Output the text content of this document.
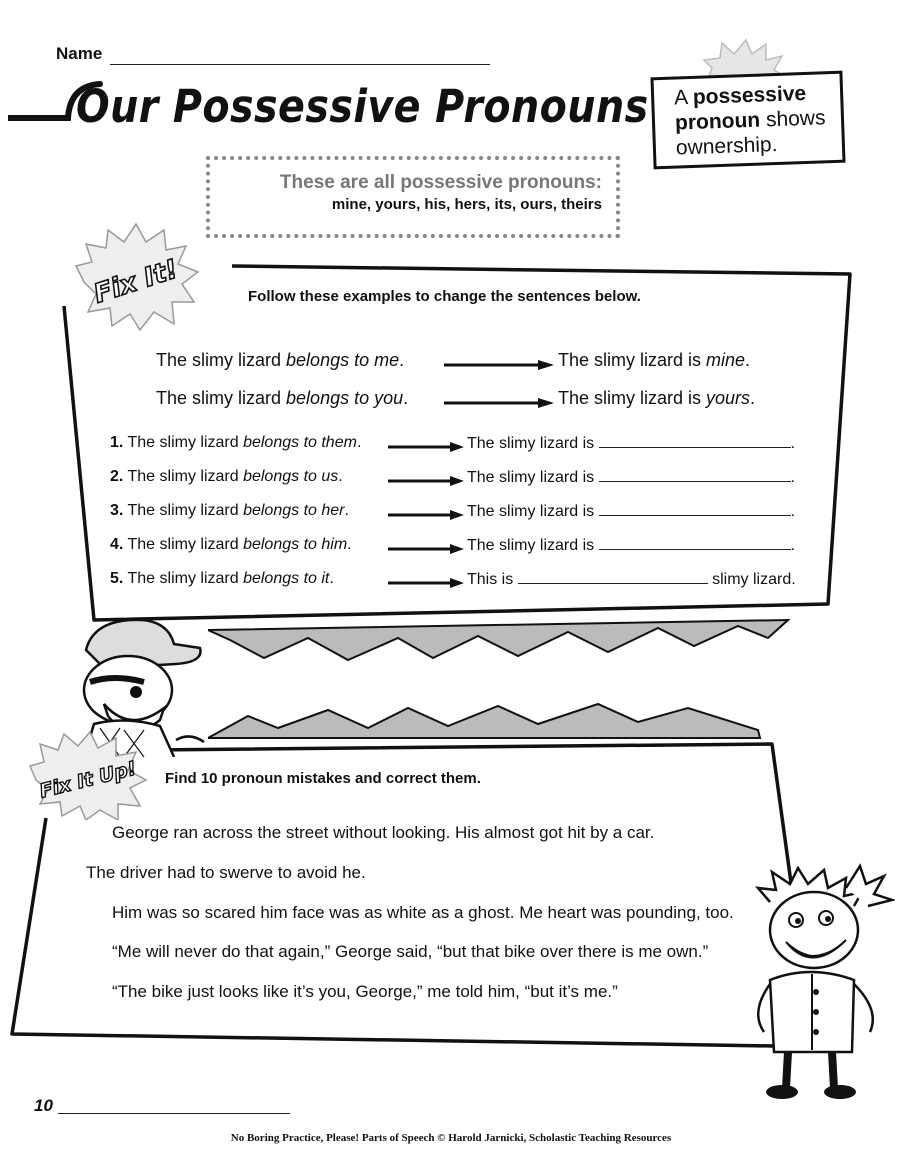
Name
Our Possessive Pronouns	A possessive pronoun shows ownership.
These are all possessive pronouns:
mine, yours, his, hers, its, ours, theirs
Fix It!	Follow these examples to change the sentences below.
The slimy lizard belongs to me.	The slimy lizard is mine.
The slimy lizard belongs to you.	The slimy lizard is yours.
1. The slimy lizard belongs to them.	The slimy lizard is	.
2. The slimy lizard belongs to us.	The slimy lizard is	.
3. The slimy lizard belongs to her.	The slimy lizard is	.
4. The slimy lizard belongs to him.	The slimy lizard is	.
5. The slimy lizard belongs to it.	This is	slimy lizard.
Fix It Up! Find 10 pronoun mistakes and correct them.
George ran across the street without looking. His almost got hit by a car.
The driver had to swerve to avoid he.
Him was so scared him face was as white as a ghost. Me heart was pounding, too.
“Me will never do that again,” George said, “but that bike over there is me own.”
“The bike just looks like it’s you, George,” me told him, “but it’s me.”
10
No Boring Practice, Please! Parts of Speech © Harold Jarnicki, Scholastic Teaching Resources
